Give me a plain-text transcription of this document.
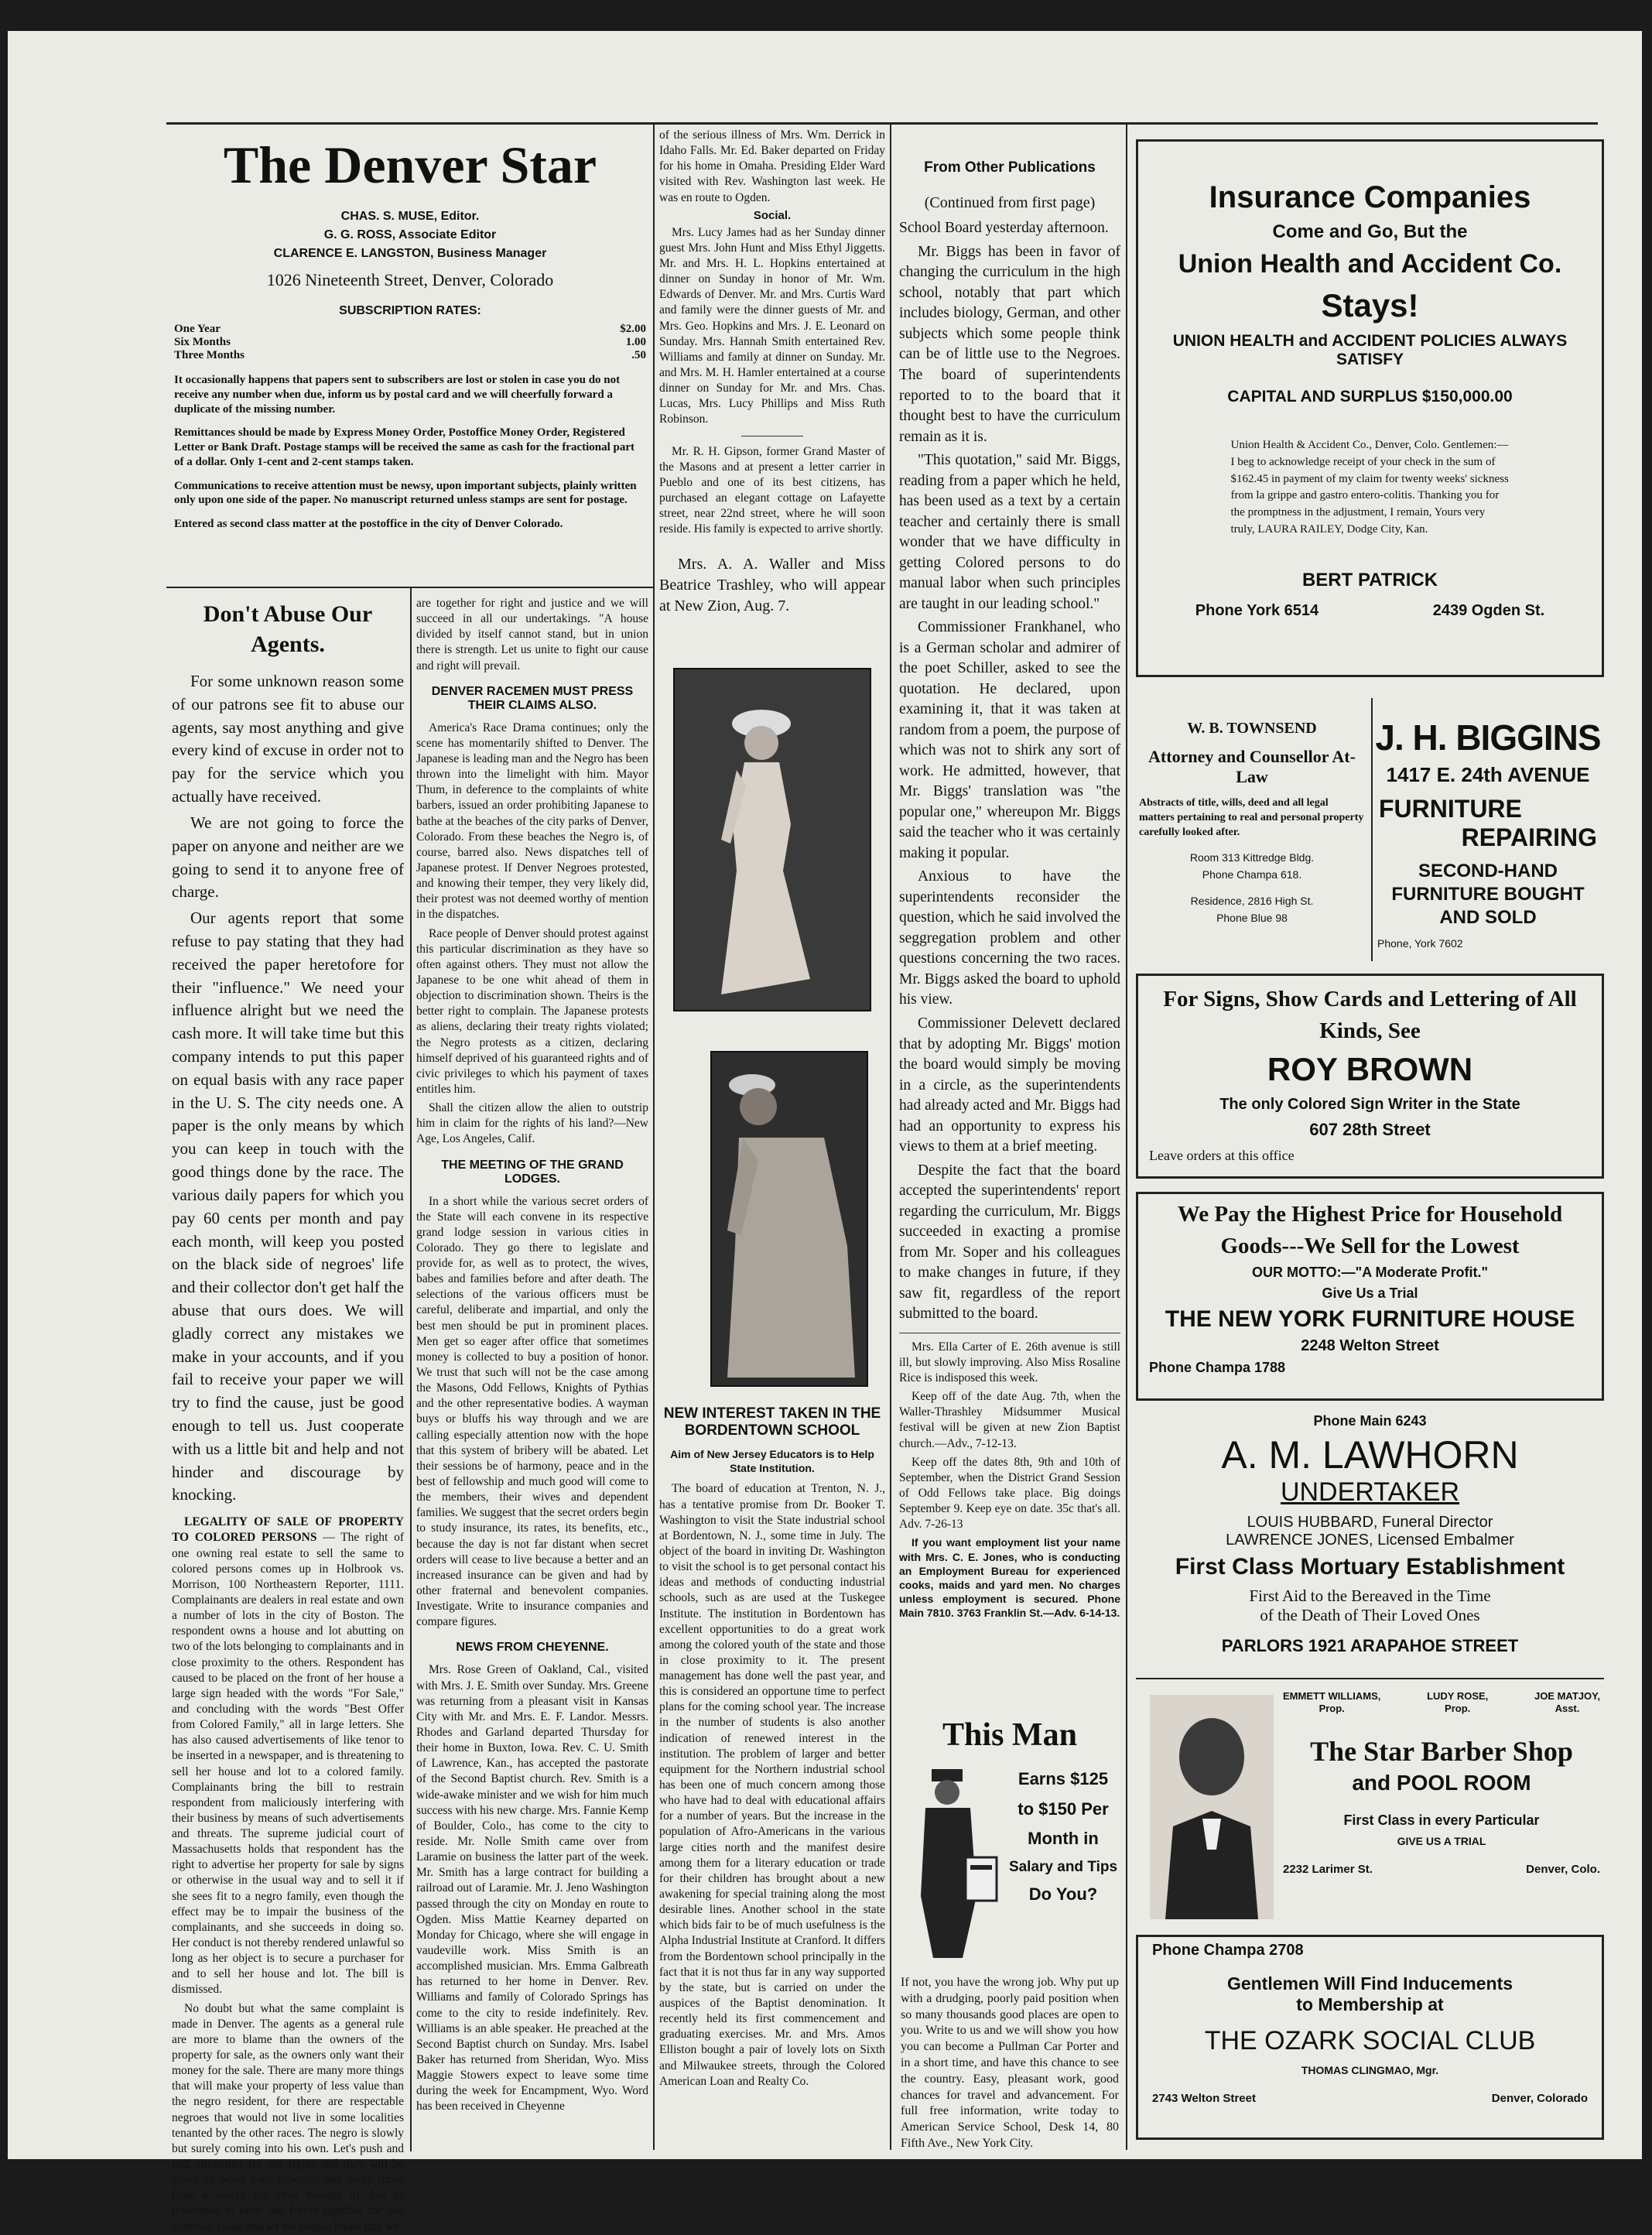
The Denver Star
CHAS. S. MUSE, Editor.
G. G. ROSS, Associate Editor
CLARENCE E. LANGSTON, Business Manager
1026 Nineteenth Street, Denver, Colorado
SUBSCRIPTION RATES:
One Year	$2.00
Six Months	1.00
Three Months	.50

It occasionally happens that papers sent to subscribers are lost or stolen in case you do not receive any number when due, inform us by postal card and we will cheerfully forward a duplicate of the missing number.

Remittances should be made by Express Money Order, Postoffice Money Order, Registered Letter or Bank Draft. Postage stamps will be received the same as cash for the fractional part of a dollar. Only 1-cent and 2-cent stamps taken.

Communications to receive attention must be newsy, upon important subjects, plainly written only upon one side of the paper. No manuscript returned unless stamps are sent for postage.

Entered as second class matter at the postoffice in the city of Denver Colorado.

Don't Abuse Our Agents.

For some unknown reason some of our patrons see fit to abuse our agents, say most anything and give every kind of excuse in order not to pay for the service which you actually have received.

We are not going to force the paper on anyone and neither are we going to send it to anyone free of charge.

Our agents report that some refuse to pay stating that they had received the paper heretofore for their "influence." We need your influence alright but we need the cash more. It will take time but this company intends to put this paper on equal basis with any race paper in the U. S. The city needs one. A paper is the only means by which you can keep in touch with the good things done by the race. The various daily papers for which you pay 60 cents per month and pay each month, will keep you posted on the black side of negroes' life and their collector don't get half the abuse that ours does. We will gladly correct any mistakes we make in your accounts, and if you fail to receive your paper we will try to find the cause, just be good enough to tell us. Just cooperate with us a little bit and help and not hinder and discourage by knocking.

LEGALITY OF SALE OF PROPERTY TO COLORED PERSONS — The right of one owning real estate to sell the same to colored persons comes up in Holbrook vs. Morrison, 100 Northeastern Reporter, 1111. Complainants are dealers in real estate and own a number of lots in the city of Boston. The respondent owns a house and lot abutting on two of the lots belonging to complainants and in close proximity to the others. Respondent has caused to be placed on the front of her house a large sign headed with the words "For Sale," and concluding with the words "Best Offer from Colored Family," all in large letters. She has also caused advertisements of like tenor to be inserted in a newspaper, and is threatening to sell her house and lot to a colored family. Complainants bring the bill to restrain respondent from maliciously interfering with their business by means of such advertisements and threats. The supreme judicial court of Massachusetts holds that respondent has the right to advertise her property for sale by signs or otherwise in the usual way and to sell it if she sees fit to a negro family, even though the effect may be to impair the business of the complainants, and she succeeds in doing so. Her conduct is not thereby rendered unlawful so long as her object is to secure a purchaser for and to sell her house and lot. The bill is dismissed.

No doubt but what the same complaint is made in Denver. The agents as a general rule are more to blame than the owners of the property for sale, as the owners only want their money for the sale. There are many more things that will make your property of less value than the negro resident, for there are respectable negroes that would not live in some localities tenanted by the other races. The negro is slowly but surely coming into his own. Let's push and pull altogether for our rights and they will be given up when least expected and many times from a source not even thought of. Let us remember to unite our forces together for one common cause and let the people know that we

are together for right and justice and we will succeed in all our undertakings. "A house divided by itself cannot stand, but in union there is strength. Let us unite to fight our cause and right will prevail.

DENVER RACEMEN MUST PRESS THEIR CLAIMS ALSO.

America's Race Drama continues; only the scene has momentarily shifted to Denver. The Japanese is leading man and the Negro has been thrown into the limelight with him. Mayor Thum, in deference to the complaints of white barbers, issued an order prohibiting Japanese to bathe at the beaches of the city parks of Denver, Colorado. From these beaches the Negro is, of course, barred also. News dispatches tell of Japanese protest. If Denver Negroes protested, and knowing their temper, they very likely did, their protest was not deemed worthy of mention in the dispatches.

Race people of Denver should protest against this particular discrimination as they have so often against others. They must not allow the Japanese to be one whit ahead of them in objection to discrimination shown. Theirs is the better right to complain. The Japanese protests as aliens, declaring their treaty rights violated; the Negro protests as a citizen, declaring himself deprived of his guaranteed rights and of civic privileges to which his payment of taxes entitles him.

Shall the citizen allow the alien to outstrip him in claim for the rights of his land?—New Age, Los Angeles, Calif.

THE MEETING OF THE GRAND LODGES.

In a short while the various secret orders of the State will each convene in its respective grand lodge session in various cities in Colorado. They go there to legislate and provide for, as well as to protect, the wives, babes and families before and after death. The selections of the various officers must be careful, deliberate and impartial, and only the best men should be put in prominent places. Men get so eager after office that sometimes money is collected to buy a position of honor. We trust that such will not be the case among the Masons, Odd Fellows, Knights of Pythias and the other representative bodies. A wayman buys or bluffs his way through and we are calling especially attention now with the hope that this system of bribery will be abated. Let their sessions be of harmony, peace and in the best of fellowship and much good will come to the members, their wives and dependent families. We suggest that the secret orders begin to study insurance, its rates, its benefits, etc., because the day is not far distant when secret orders will cease to live because a better and an increased insurance can be given and had by other fraternal and benevolent companies. Investigate. Write to insurance companies and compare figures.

NEWS FROM CHEYENNE.

Mrs. Rose Green of Oakland, Cal., visited with Mrs. J. E. Smith over Sunday. Mrs. Greene was returning from a pleasant visit in Kansas City with Mr. and Mrs. E. F. Landor. Messrs. Rhodes and Garland departed Thursday for their home in Buxton, Iowa. Rev. C. U. Smith of Lawrence, Kan., has accepted the pastorate of the Second Baptist church. Rev. Smith is a wide-awake minister and we wish for him much success with his new charge. Mrs. Fannie Kemp of Boulder, Colo., has come to the city to reside. Mr. Nolle Smith came over from Laramie on business the latter part of the week. Mr. Smith has a large contract for building a railroad out of Laramie. Mr. J. Jeno Washington passed through the city on Monday en route to Ogden. Miss Mattie Kearney departed on Monday for Chicago, where she will engage in vaudeville work. Miss Smith is an accomplished musician. Mrs. Emma Galbreath has returned to her home in Denver. Rev. Williams and family of Colorado Springs has come to the city to reside indefinitely. Rev. Williams is an able speaker. He preached at the Second Baptist church on Sunday. Mrs. Isabel Baker has returned from Sheridan, Wyo. Miss Maggie Stowers expect to leave some time during the week for Encampment, Wyo. Word has been received in Cheyenne

of the serious illness of Mrs. Wm. Derrick in Idaho Falls. Mr. Ed. Baker departed on Friday for his home in Omaha. Presiding Elder Ward visited with Rev. Washington last week. He was en route to Ogden.

Social.

Mrs. Lucy James had as her Sunday dinner guest Mrs. John Hunt and Miss Ethyl Jiggetts. Mr. and Mrs. H. L. Hopkins entertained at dinner on Sunday in honor of Mr. Wm. Edwards of Denver. Mr. and Mrs. Curtis Ward and family were the dinner guests of Mr. and Mrs. Geo. Hopkins and Mrs. J. E. Leonard on Sunday. Mrs. Hannah Smith entertained Rev. Williams and family at dinner on Sunday. Mr. and Mrs. M. H. Hamler entertained at a course dinner on Sunday for Mr. and Mrs. Chas. Lucas, Mrs. Lucy Phillips and Miss Ruth Robinson.

Mr. R. H. Gipson, former Grand Master of the Masons and at present a letter carrier in Pueblo and one of its best citizens, has purchased an elegant cottage on Lafayette street, near 22nd street, where he will soon reside. His family is expected to arrive shortly.

Mrs. A. A. Waller and Miss Beatrice Trashley, who will appear at New Zion, Aug. 7.

NEW INTEREST TAKEN IN THE BORDENTOWN SCHOOL

Aim of New Jersey Educators is to Help State Institution.

The board of education at Trenton, N. J., has a tentative promise from Dr. Booker T. Washington to visit the State industrial school at Bordentown, N. J., some time in July. The object of the board in inviting Dr. Washington to visit the school is to get personal contact his ideas and methods of conducting industrial schools, such as are used at the Tuskegee Institute. The institution in Bordentown has excellent opportunities to do a great work among the colored youth of the state and those in close proximity to it. The present management has done well the past year, and this is considered an opportune time to perfect plans for the coming school year. The increase in the number of students is also another indication of renewed interest in the institution. The problem of larger and better equipment for the Northern industrial school has been one of much concern among those who have had to deal with educational affairs for a number of years. But the increase in the population of Afro-Americans in the various large cities north and the manifest desire among them for a literary education or trade for their children has brought about a new awakening for special training along the most desirable lines. Another school in the state which bids fair to be of much usefulness is the Alpha Industrial Institute at Cranford. It differs from the Bordentown school principally in the fact that it is not thus far in any way supported by the state, but is carried on under the auspices of the Baptist denomination. It recently held its first commencement and graduating exercises. Mr. and Mrs. Amos Elliston bought a pair of lovely lots on Sixth and Milwaukee streets, through the Colored American Loan and Realty Co.

From Other Publications
(Continued from first page)

School Board yesterday afternoon.

Mr. Biggs has been in favor of changing the curriculum in the high school, notably that part which includes biology, German, and other subjects which some people think can be of little use to the Negroes. The board of superintendents reported to to the board that it thought best to have the curriculum remain as it is.

"This quotation," said Mr. Biggs, reading from a paper which he held, has been used as a text by a certain teacher and certainly there is small wonder that we have difficulty in getting Colored persons to do manual labor when such principles are taught in our leading school."

Commissioner Frankhanel, who is a German scholar and admirer of the poet Schiller, asked to see the quotation. He declared, upon examining it, that it was taken at random from a poem, the purpose of which was not to shirk any sort of work. He admitted, however, that Mr. Biggs' translation was "the popular one," whereupon Mr. Biggs said the teacher who it was certainly making it popular.

Anxious to have the superintendents reconsider the question, which he said involved the seggregation problem and other questions concerning the two races. Mr. Biggs asked the board to uphold his view.

Commissioner Delevett declared that by adopting Mr. Biggs' motion the board would simply be moving in a circle, as the superintendents had already acted and Mr. Biggs had had an opportunity to express his views to them at a brief meeting.

Despite the fact that the board accepted the superintendents' report regarding the curriculum, Mr. Biggs succeeded in exacting a promise from Mr. Soper and his colleagues to make changes in future, if they saw fit, regardless of the report submitted to the board.

Mrs. Ella Carter of E. 26th avenue is still ill, but slowly improving. Also Miss Rosaline Rice is indisposed this week.

Keep off of the date Aug. 7th, when the Waller-Thrashley Midsummer Musical festival will be given at new Zion Baptist church.—Adv., 7-12-13.

Keep off the dates 8th, 9th and 10th of September, when the District Grand Session of Odd Fellows take place. Big doings September 9. Keep eye on date. 35c that's all. Adv. 7-26-13

If you want employment list your name with Mrs. C. E. Jones, who is conducting an Employment Bureau for experienced cooks, maids and yard men. No charges unless employment is secured. Phone Main 7810. 3763 Franklin St.—Adv. 6-14-13.

This Man
Earns $125
to $150 Per
Month in
Salary and Tips
Do You?
If not, you have the wrong job. Why put up with a drudging, poorly paid position when so many thousands good places are open to you. Write to us and we will show you how you can become a Pullman Car Porter and in a short time, and have this chance to see the country. Easy, pleasant work, good chances for travel and advancement. For full free information, write today to American Service School, Desk 14, 80 Fifth Ave., New York City.
Insurance Companies
Come and Go, But the
Union Health and Accident Co.
Stays!
UNION HEALTH and ACCIDENT POLICIES ALWAYS SATISFY
CAPITAL AND SURPLUS $150,000.00
Union Health & Accident Co., Denver, Colo. Gentlemen:—I beg to acknowledge receipt of your check in the sum of $162.45 in payment of my claim for twenty weeks' sickness from la grippe and gastro entero-colitis. Thanking you for the promptness in the adjustment, I remain, Yours very truly, LAURA RAILEY, Dodge City, Kan.
BERT PATRICK
Phone York 6514	2439 Ogden St.
W. B. TOWNSEND
Attorney and Counsellor At-Law
Abstracts of title, wills, deed and all legal matters pertaining to real and personal property carefully looked after.
Room 313 Kittredge Bldg.
Phone Champa 618.
Residence, 2816 High St.
Phone Blue 98
J. H. BIGGINS
1417 E. 24th AVENUE
FURNITURE
REPAIRING
SECOND-HAND FURNITURE BOUGHT AND SOLD
Phone, York 7602
For Signs, Show Cards and Lettering of All Kinds, See
ROY BROWN
The only Colored Sign Writer in the State
607 28th Street
Leave orders at this office
We Pay the Highest Price for Household Goods---We Sell for the Lowest
OUR MOTTO:—"A Moderate Profit."
Give Us a Trial
THE NEW YORK FURNITURE HOUSE
2248 Welton Street
Phone Champa 1788
Phone Main 6243
A. M. LAWHORN
UNDERTAKER
LOUIS HUBBARD, Funeral Director
LAWRENCE JONES, Licensed Embalmer
First Class Mortuary Establishment
First Aid to the Bereaved in the Time
of the Death of Their Loved Ones
PARLORS 1921 ARAPAHOE STREET
EMMETT WILLIAMS,
Prop.
LUDY ROSE,
Prop.
JOE MATJOY,
Asst.
The Star Barber Shop
and POOL ROOM
First Class in every Particular
GIVE US A TRIAL
2232 Larimer St.	Denver, Colo.
Phone Champa 2708
Gentlemen Will Find Inducements
to Membership at
THE OZARK SOCIAL CLUB
THOMAS CLINGMAO, Mgr.
2743 Welton Street	Denver, Colorado
